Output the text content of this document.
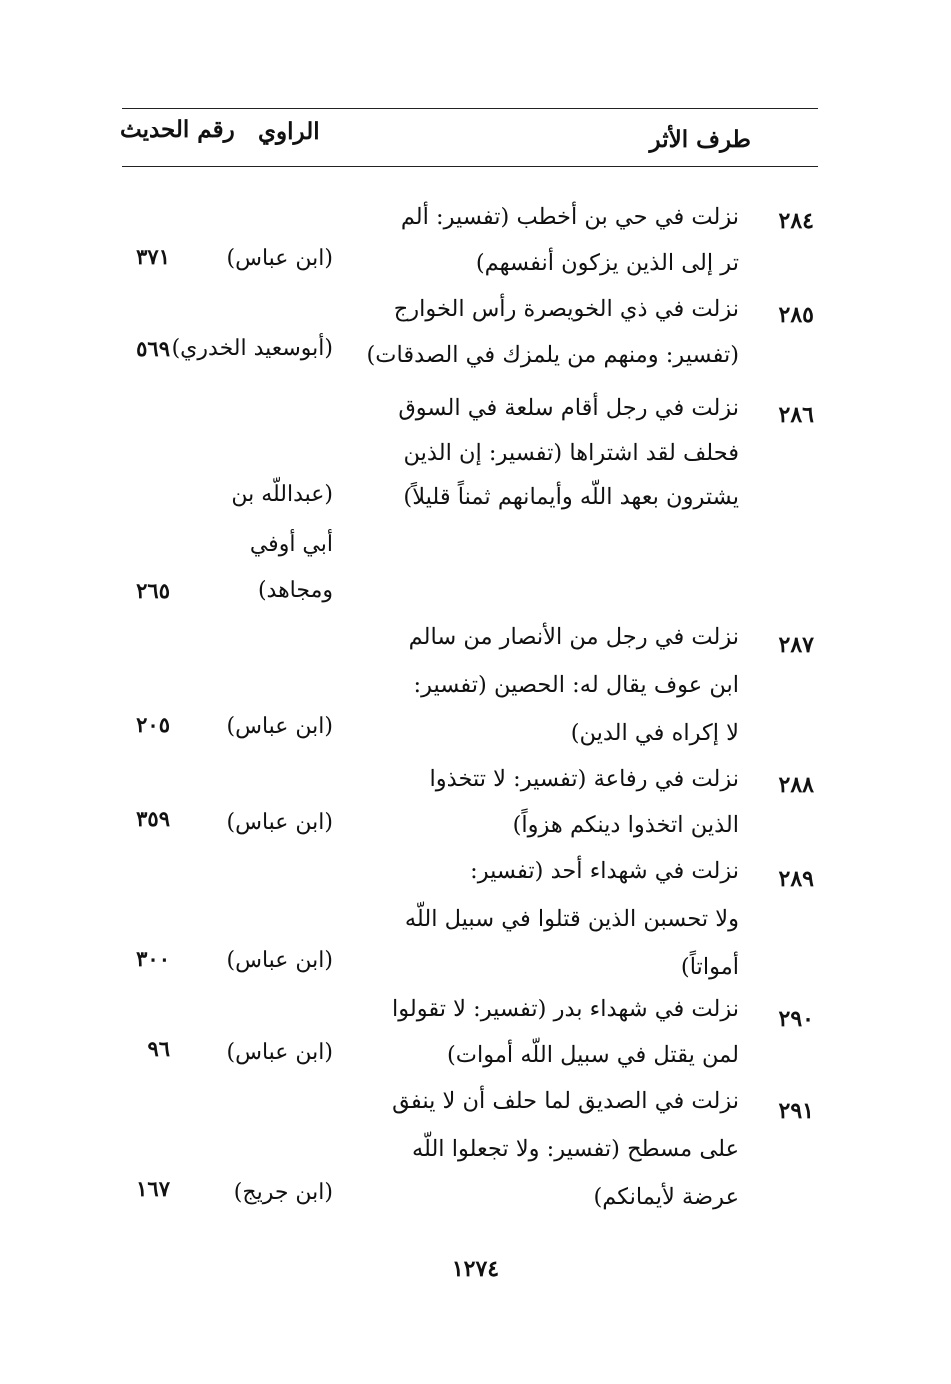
طرف الأثر
الراوي
رقم الحديث
٢٨٤
نزلت في حي بن أخطب (تفسير: ألم
تر إلى الذين يزكون أنفسهم)
(ابن عباس)
٣٧١
٢٨٥
نزلت في ذي الخويصرة رأس الخوارج
(تفسير: ومنهم من يلمزك في الصدقات)
(أبوسعيد الخدري)
٥٦٩
٢٨٦
نزلت في رجل أقام سلعة في السوق
فحلف لقد اشتراها (تفسير: إن الذين
يشترون بعهد اللّه وأيمانهم ثمناً قليلاً)
(عبداللّه بن
أبي أوفي
ومجاهد)
٢٦٥
٢٨٧
نزلت في رجل من الأنصار من سالم
ابن عوف يقال له: الحصين (تفسير:
لا إكراه في الدين)
(ابن عباس)
٢٠٥
٢٨٨
نزلت في رفاعة (تفسير: لا تتخذوا
الذين اتخذوا دينكم هزواً)
(ابن عباس)
٣٥٩
٢٨٩
نزلت في شهداء أحد (تفسير:
ولا تحسبن الذين قتلوا في سبيل اللّه
أمواتاً)
(ابن عباس)
٣٠٠
٢٩٠
نزلت في شهداء بدر (تفسير: لا تقولوا
لمن يقتل في سبيل اللّه أموات)
(ابن عباس)
٩٦
٢٩١
نزلت في الصديق لما حلف أن لا ينفق
على مسطح (تفسير: ولا تجعلوا اللّه
عرضة لأيمانكم)
(ابن جريج)
١٦٧
١٢٧٤
